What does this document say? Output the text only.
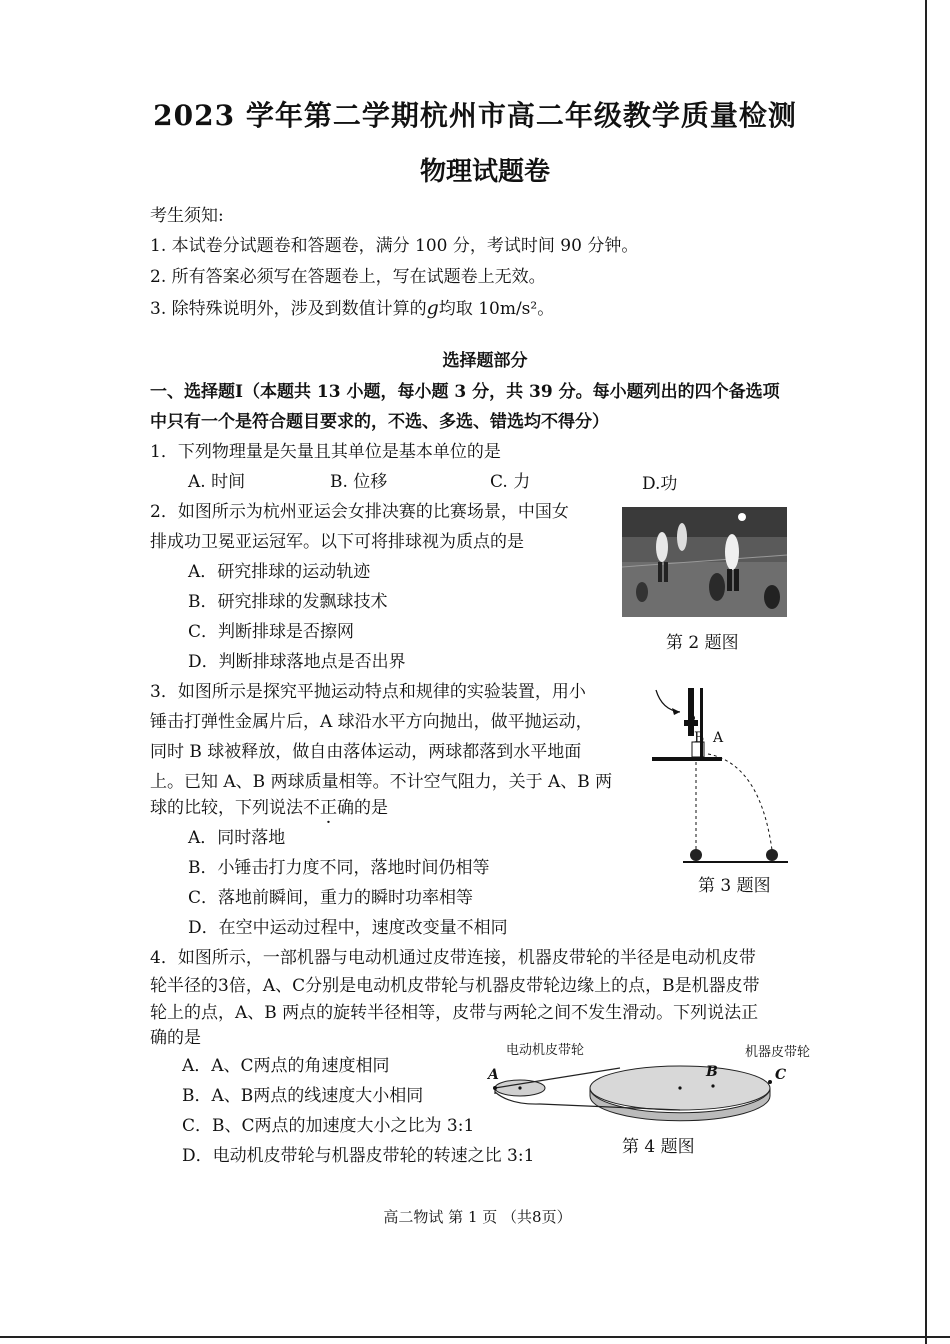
2023 学年第二学期杭州市高二年级教学质量检测
物理试题卷
考生须知:
1. 本试卷分试题卷和答题卷，满分 100 分，考试时间 90 分钟。
2. 所有答案必须写在答题卷上，写在试题卷上无效。
3. 除特殊说明外，涉及到数值计算的g均取 10m/s²。
选择题部分
一、选择题I（本题共 13 小题，每小题 3 分，共 39 分。每小题列出的四个备选项
中只有一个是符合题目要求的，不选、多选、错选均不得分）
1．下列物理量是矢量且其单位是基本单位的是
A. 时间	B. 位移	C. 力	D.功
2．如图所示为杭州亚运会女排决赛的比赛场景，中国女
排成功卫冕亚运冠军。以下可将排球视为质点的是
A．研究排球的运动轨迹
B．研究排球的发飘球技术
C．判断排球是否擦网
D．判断排球落地点是否出界
第 2 题图
3．如图所示是探究平抛运动特点和规律的实验装置，用小
锤击打弹性金属片后，A 球沿水平方向抛出，做平抛运动，
同时 B 球被释放，做自由落体运动，两球都落到水平地面
上。已知 A、B 两球质量相等。不计空气阻力，关于 A、B 两
球的比较，下列说法不正确的是
A．同时落地
B．小锤击打力度不同，落地时间仍相等
C．落地前瞬间，重力的瞬时功率相等
D．在空中运动过程中，速度改变量不相同
B A
第 3 题图
4．如图所示，一部机器与电动机通过皮带连接，机器皮带轮的半径是电动机皮带
轮半径的3倍，A、C分别是电动机皮带轮与机器皮带轮边缘上的点，B是机器皮带
轮上的点，A、B 两点的旋转半径相等，皮带与两轮之间不发生滑动。下列说法正
确的是
A．A、C两点的角速度相同
B．A、B两点的线速度大小相同
C．B、C两点的加速度大小之比为 3:1
D．电动机皮带轮与机器皮带轮的转速之比 3:1
电动机皮带轮	机器皮带轮
A	B	C
第 4 题图
高二物试 第 1 页 （共8页）
